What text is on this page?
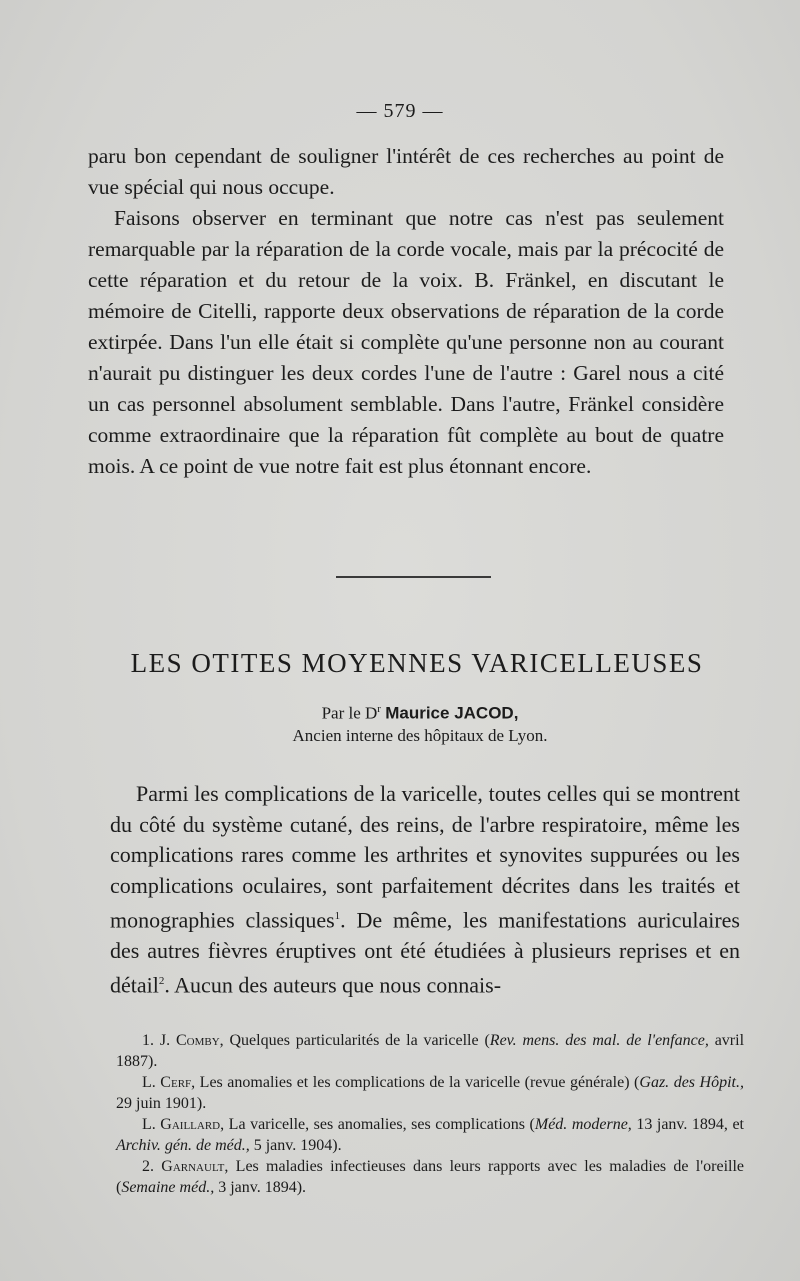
— 579 —

paru bon cependant de souligner l'intérêt de ces recherches au point de vue spécial qui nous occupe.
Faisons observer en terminant que notre cas n'est pas seulement remarquable par la réparation de la corde vocale, mais par la précocité de cette réparation et du retour de la voix. B. Fränkel, en discutant le mémoire de Citelli, rapporte deux observations de réparation de la corde extirpée. Dans l'un elle était si complète qu'une personne non au courant n'aurait pu distinguer les deux cordes l'une de l'autre : Garel nous a cité un cas personnel absolument semblable. Dans l'autre, Fränkel considère comme extraordinaire que la réparation fût complète au bout de quatre mois. A ce point de vue notre fait est plus étonnant encore.

LES OTITES MOYENNES VARICELLEUSES

Par le $D^r$ Maurice JACOD,

Ancien interne des hôpitaux de Lyon.

Parmi les complications de la varicelle, toutes celles qui se montrent du côté du système cutané, des reins, de l'arbre respiratoire, même les complications rares comme les arthrites et synovites suppurées ou les complications oculaires, sont parfaitement décrites dans les traités et monographies classiques$^1$. De même, les manifestations auriculaires des autres fièvres éruptives ont été étudiées à plusieurs reprises et en détail$^2$. Aucun des auteurs que nous connais-

1. J. Comby, Quelques particularités de la varicelle (Rev. mens. des mal. de l'enfance, avril 1887).

L. Cerf, Les anomalies et les complications de la varicelle (revue générale) (Gaz. des Hôpit., 29 juin 1901).

L. Gaillard, La varicelle, ses anomalies, ses complications (Méd. moderne, 13 janv. 1894, et Archiv. gén. de méd., 5 janv. 1904).

2. Garnault, Les maladies infectieuses dans leurs rapports avec les maladies de l'oreille (Semaine méd., 3 janv. 1894).
